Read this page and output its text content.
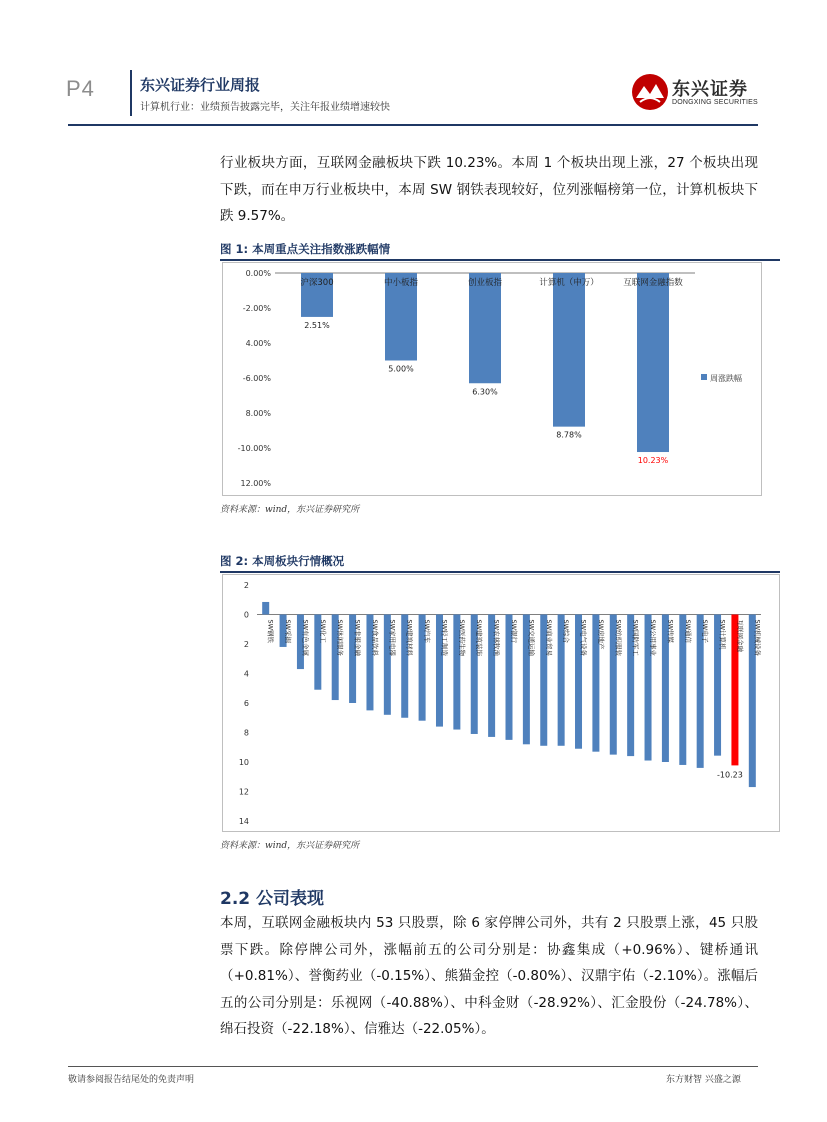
P4	东兴证券行业周报
计算机行业：业绩预告披露完毕，关注年报业绩增速较快
东兴证券
DONGXING SECURITIES
行业板块方面，互联网金融板块下跌 10.23%。本周 1 个板块出现上涨，27 个板块出现下跌，而在申万行业板块中，本周 SW 钢铁表现较好，位列涨幅榜第一位，计算机板块下跌 9.57%。
图 1: 本周重点关注指数涨跌幅情
0.00%
-2.00%
4.00%
-6.00%
8.00%
-10.00%
12.00%
沪深300
2.51%
中小板指
5.00%
创业板指
6.30%
计算机（申万）
8.78%
互联网金融指数
10.23%
周涨跌幅
资料来源：wind，东兴证券研究所
图 2: 本周板块行情概况
2
0
2
4
6
8
10
12
14
SW钢铁 SW采掘 SW有色金属 SW化工 SW休闲服务 SW非银金融 SW食品饮料 SW家用电器 SW建筑材料 SW汽车 SW轻工制造 SW医药生物 SW建筑装饰 SW农林牧渔 SW银行 SW交通运输 SW商业贸易 SW综合 SW电气设备 SW房地产 SW纺织服装 SW国防军工 SW公用事业 SW传媒 SW通信 SW电子 SW计算机 互联网金融
-10.23
SW机械设备
资料来源：wind，东兴证券研究所
2.2 公司表现
本周，互联网金融板块内 53 只股票，除 6 家停牌公司外，共有 2 只股票上涨，45 只股票下跌。除停牌公司外，涨幅前五的公司分别是：协鑫集成（+0.96%）、键桥通讯（+0.81%）、誉衡药业（-0.15%）、熊猫金控（-0.80%）、汉鼎宇佑（-2.10%）。涨幅后五的公司分别是：乐视网（-40.88%）、中科金财（-28.92%）、汇金股份（-24.78%）、绵石投资（-22.18%）、信雅达（-22.05%）。
敬请参阅报告结尾处的免责声明	东方财智 兴盛之源
